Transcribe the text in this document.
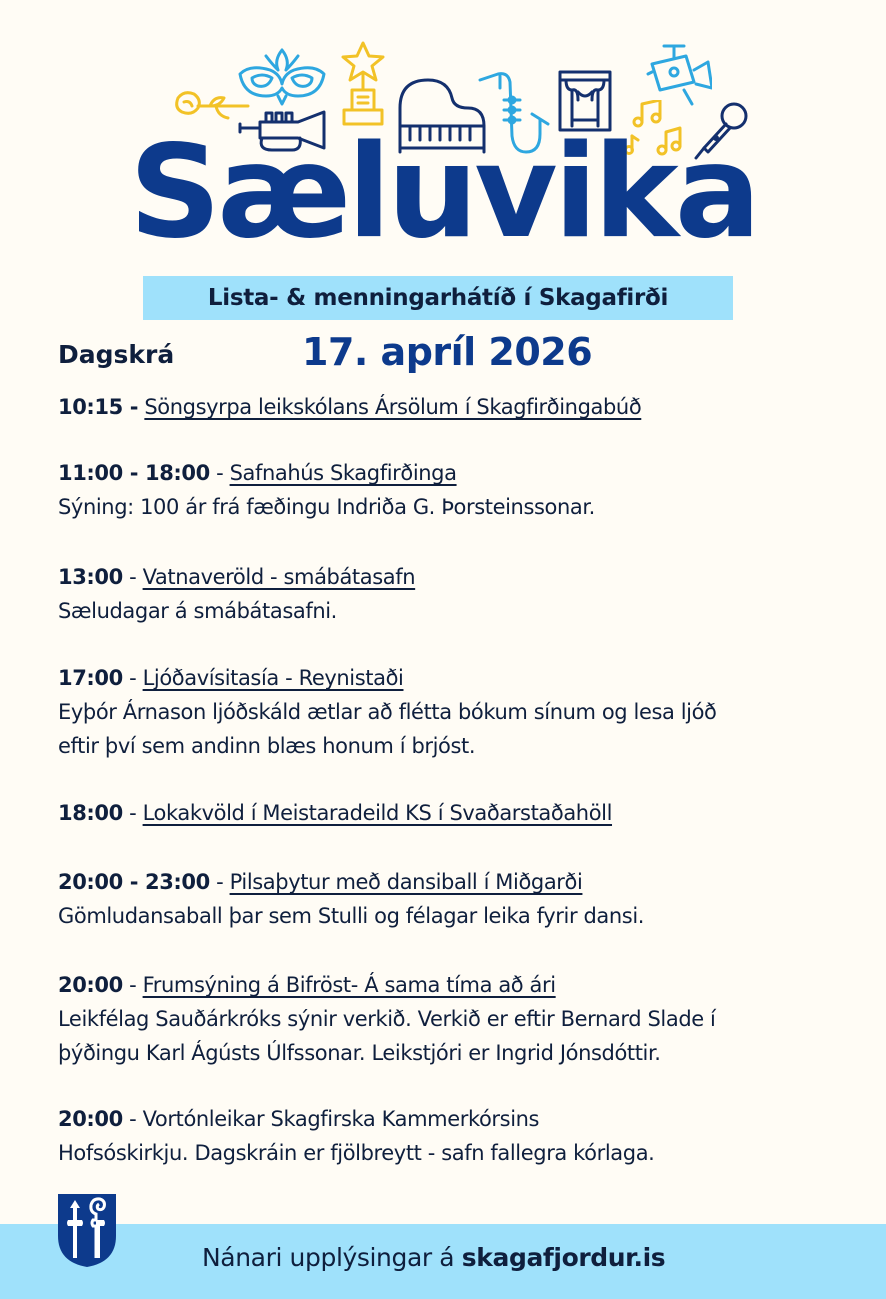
Sæluvika
Lista- & menningarhátíð í Skagafirði
Dagskrá	17. apríl 2026
10:15 - Söngsyrpa leikskólans Ársölum í Skagfirðingabúð
11:00 - 18:00 - Safnahús Skagfirðinga
Sýning: 100 ár frá fæðingu Indriða G. Þorsteinssonar.
13:00 - Vatnaveröld - smábátasafn
Sæludagar á smábátasafni.
17:00 - Ljóðavísitasía - Reynistaði
Eyþór Árnason ljóðskáld ætlar að flétta bókum sínum og lesa ljóð
eftir því sem andinn blæs honum í brjóst.
18:00 - Lokakvöld í Meistaradeild KS í Svaðarstaðahöll
20:00 - 23:00 - Pilsaþytur með dansiball í Miðgarði
Gömludansaball þar sem Stulli og félagar leika fyrir dansi.
20:00 - Frumsýning á Bifröst- Á sama tíma að ári
Leikfélag Sauðárkróks sýnir verkið. Verkið er eftir Bernard Slade í
þýðingu Karl Ágústs Úlfssonar. Leikstjóri er Ingrid Jónsdóttir.
20:00 - Vortónleikar Skagfirska Kammerkórsins
Hofsóskirkju. Dagskráin er fjölbreytt - safn fallegra kórlaga.
Nánari upplýsingar á skagafjordur.is
